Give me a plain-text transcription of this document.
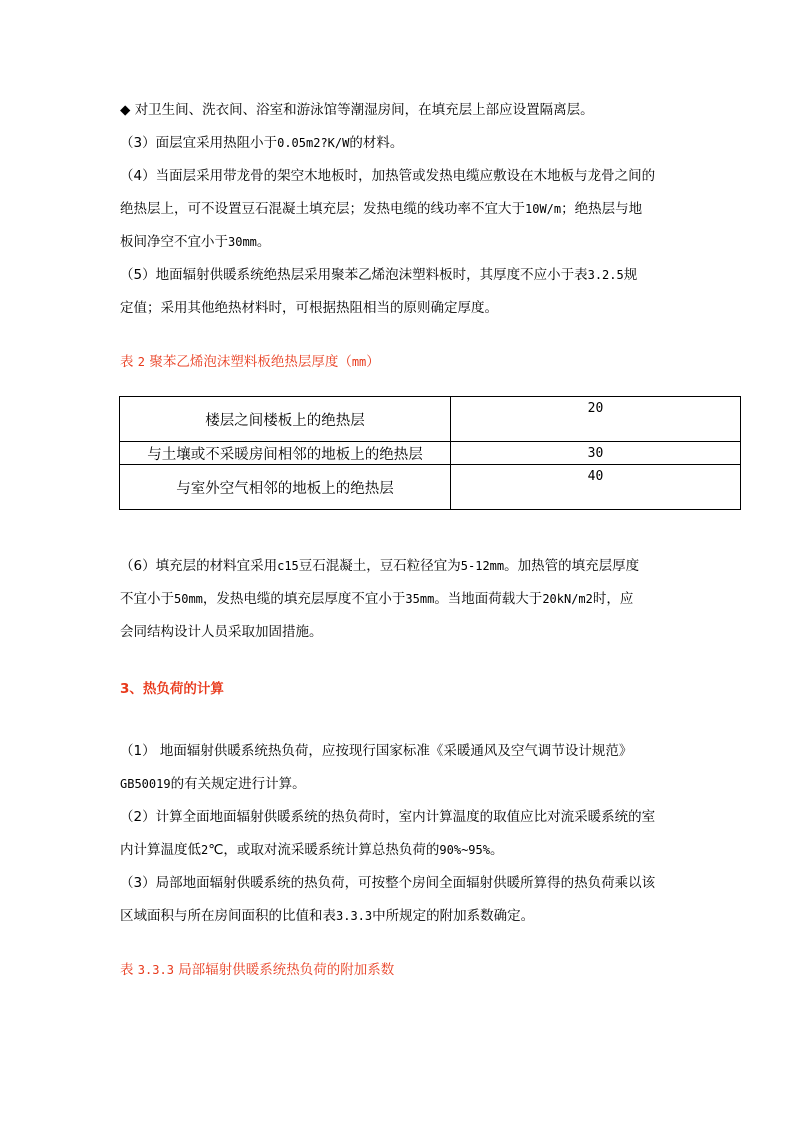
◆ 对卫生间、洗衣间、浴室和游泳馆等潮湿房间，在填充层上部应设置隔离层。
（3）面层宜采用热阻小于0.05m2?K/W的材料。
（4）当面层采用带龙骨的架空木地板时，加热管或发热电缆应敷设在木地板与龙骨之间的
绝热层上，可不设置豆石混凝土填充层；发热电缆的线功率不宜大于10W/m；绝热层与地
板间净空不宜小于30mm。
（5）地面辐射供暖系统绝热层采用聚苯乙烯泡沫塑料板时，其厚度不应小于表3.2.5规
定值；采用其他绝热材料时，可根据热阻相当的原则确定厚度。
表 2 聚苯乙烯泡沫塑料板绝热层厚度（mm）
楼层之间楼板上的绝热层	20
与土壤或不采暖房间相邻的地板上的绝热层	30
与室外空气相邻的地板上的绝热层	40
（6）填充层的材料宜采用c15豆石混凝土，豆石粒径宜为5-12mm。加热管的填充层厚度
不宜小于50mm，发热电缆的填充层厚度不宜小于35mm。当地面荷载大于20kN/m2时，应
会同结构设计人员采取加固措施。
3、热负荷的计算
（1） 地面辐射供暖系统热负荷，应按现行国家标准《采暖通风及空气调节设计规范》
GB50019的有关规定进行计算。
（2）计算全面地面辐射供暖系统的热负荷时，室内计算温度的取值应比对流采暖系统的室
内计算温度低2℃，或取对流采暖系统计算总热负荷的90%~95%。
（3）局部地面辐射供暖系统的热负荷，可按整个房间全面辐射供暖所算得的热负荷乘以该
区域面积与所在房间面积的比值和表3.3.3中所规定的附加系数确定。
表 3.3.3 局部辐射供暖系统热负荷的附加系数
